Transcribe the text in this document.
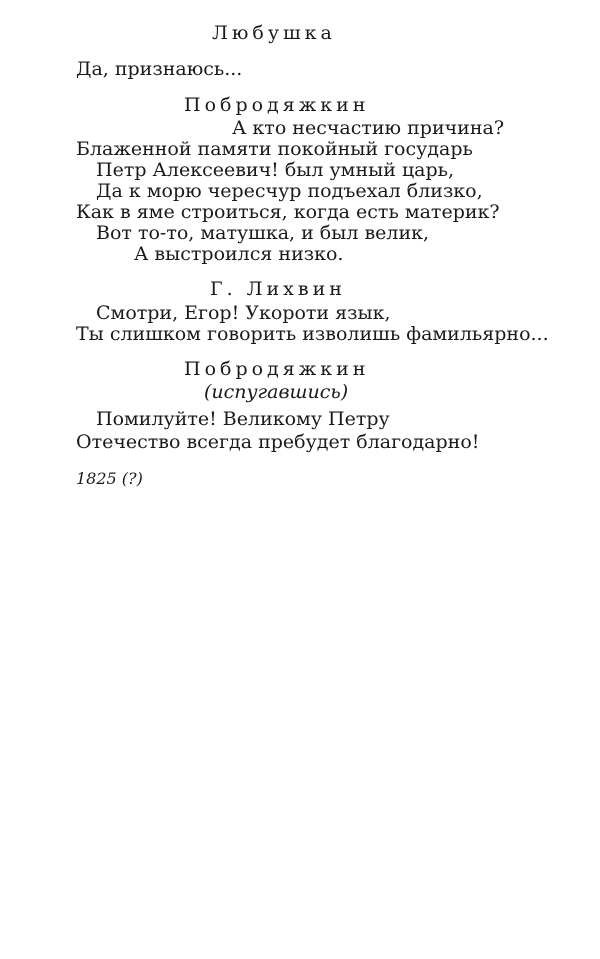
Любушка
Да, признаюсь...
Побродяжкин
А кто несчастию причина?
Блаженной памяти покойный государь
Петр Алексеевич! был умный царь,
Да к морю чересчур подъехал близко,
Как в яме строиться, когда есть материк?
Вот то-то, матушка, и был велик,
А выстроился низко.
Г. Лихвин
Смотри, Егор! Укороти язык,
Ты слишком говорить изволишь фамильярно...
Побродяжкин
(испугавшись)
Помилуйте! Великому Петру
Отечество всегда пребудет благодарно!
1825 (?)
